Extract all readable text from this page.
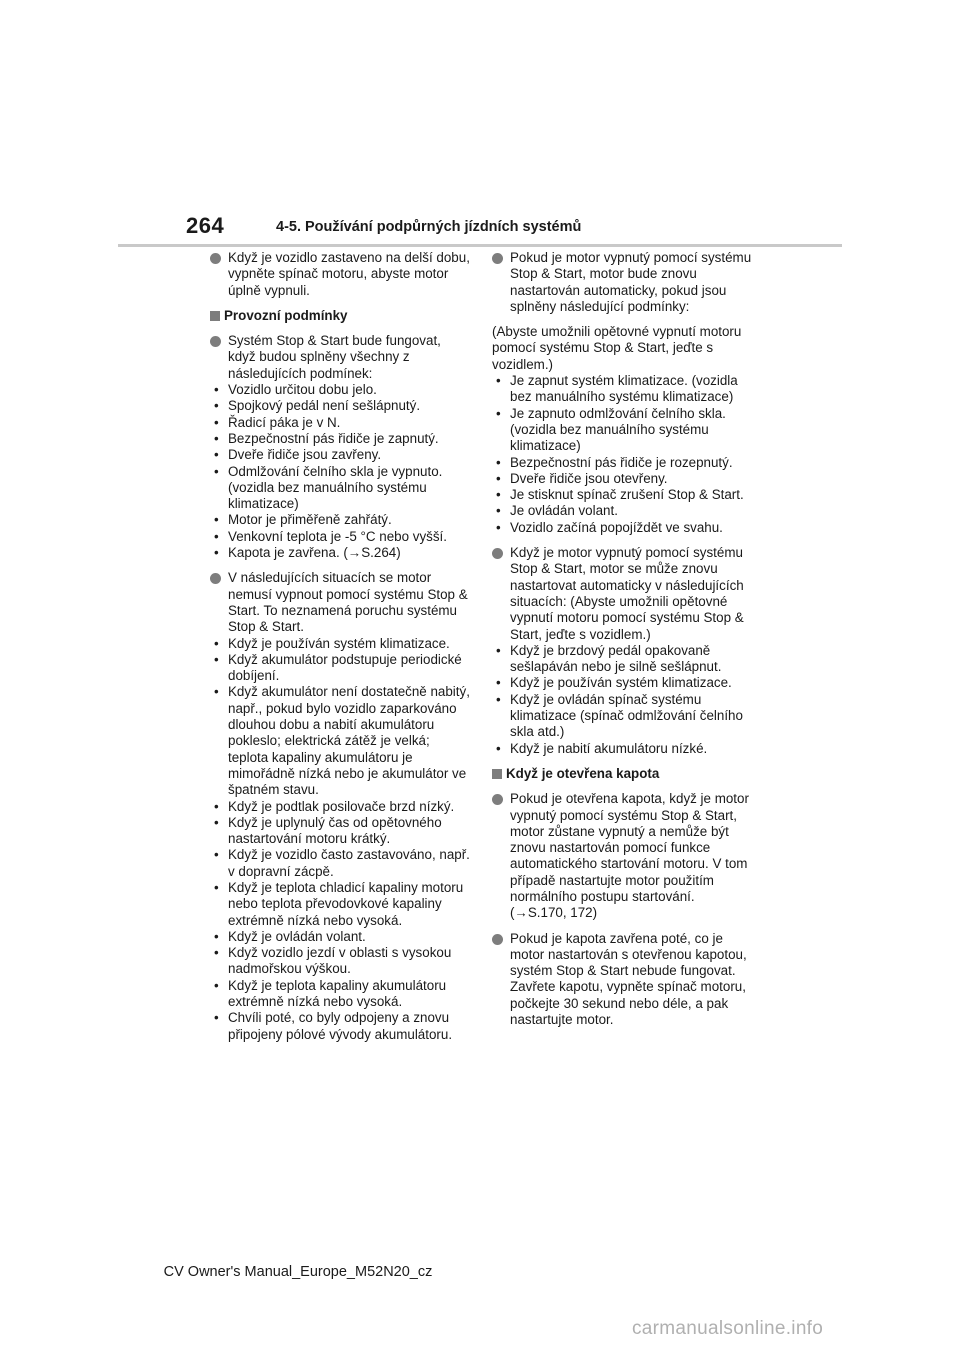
264	4-5. Používání podpůrných jízdních systémů
Když je vozidlo zastaveno na delší dobu, vypněte spínač motoru, abyste motor úplně vypnuli.
Provozní podmínky
Systém Stop & Start bude fungovat, když budou splněny všechny z následujících podmínek:
• Vozidlo určitou dobu jelo.
• Spojkový pedál není sešlápnutý.
• Řadicí páka je v N.
• Bezpečnostní pás řidiče je zapnutý.
• Dveře řidiče jsou zavřeny.
• Odmlžování čelního skla je vypnuto. (vozidla bez manuálního systému klimatizace)
• Motor je přiměřeně zahřátý.
• Venkovní teplota je -5 °C nebo vyšší.
• Kapota je zavřena. (→S.264)
V následujících situacích se motor nemusí vypnout pomocí systému Stop & Start. To neznamená poruchu systému Stop & Start.
• Když je používán systém klimatizace.
• Když akumulátor podstupuje periodické dobíjení.
• Když akumulátor není dostatečně nabitý, např., pokud bylo vozidlo zaparkováno dlouhou dobu a nabití akumulátoru pokleslo; elektrická zátěž je velká; teplota kapaliny akumulátoru je mimořádně nízká nebo je akumulátor ve špatném stavu.
• Když je podtlak posilovače brzd nízký.
• Když je uplynulý čas od opětovného nastartování motoru krátký.
• Když je vozidlo často zastavováno, např. v dopravní zácpě.
• Když je teplota chladicí kapaliny motoru nebo teplota převodovkové kapaliny extrémně nízká nebo vysoká.
• Když je ovládán volant.
• Když vozidlo jezdí v oblasti s vysokou nadmořskou výškou.
• Když je teplota kapaliny akumulátoru extrémně nízká nebo vysoká.
• Chvíli poté, co byly odpojeny a znovu připojeny pólové vývody akumulátoru.
Pokud je motor vypnutý pomocí systému Stop & Start, motor bude znovu nastartován automaticky, pokud jsou splněny následující podmínky:
(Abyste umožnili opětovné vypnutí motoru pomocí systému Stop & Start, jeďte s vozidlem.)
• Je zapnut systém klimatizace. (vozidla bez manuálního systému klimatizace)
• Je zapnuto odmlžování čelního skla. (vozidla bez manuálního systému klimatizace)
• Bezpečnostní pás řidiče je rozepnutý.
• Dveře řidiče jsou otevřeny.
• Je stisknut spínač zrušení Stop & Start.
• Je ovládán volant.
• Vozidlo začíná popojíždět ve svahu.
Když je motor vypnutý pomocí systému Stop & Start, motor se může znovu nastartovat automaticky v následujících situacích: (Abyste umožnili opětovné vypnutí motoru pomocí systému Stop & Start, jeďte s vozidlem.)
• Když je brzdový pedál opakovaně sešlapáván nebo je silně sešlápnut.
• Když je používán systém klimatizace.
• Když je ovládán spínač systému klimatizace (spínač odmlžování čelního skla atd.)
• Když je nabití akumulátoru nízké.
Když je otevřena kapota
Pokud je otevřena kapota, když je motor vypnutý pomocí systému Stop & Start, motor zůstane vypnutý a nemůže být znovu nastartován pomocí funkce automatického startování motoru. V tom případě nastartujte motor použitím normálního postupu startování. (→S.170, 172)
Pokud je kapota zavřena poté, co je motor nastartován s otevřenou kapotou, systém Stop & Start nebude fungovat. Zavřete kapotu, vypněte spínač motoru, počkejte 30 sekund nebo déle, a pak nastartujte motor.
CV Owner's Manual_Europe_M52N20_cz
carmanualsonline.info
